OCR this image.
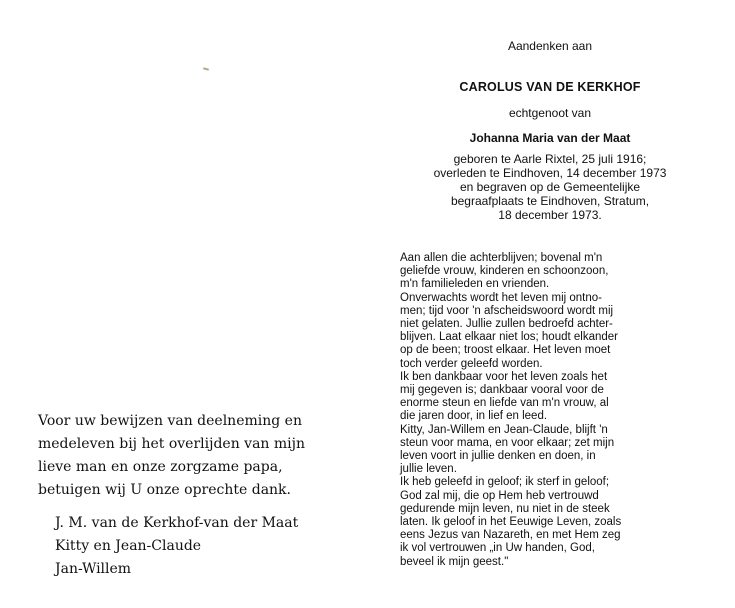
Voor uw bewijzen van deelneming en
medeleven bij het overlijden van mijn
lieve man en onze zorgzame papa,
betuigen wij U onze oprechte dank.
J. M. van de Kerkhof-van der Maat
Kitty en Jean-Claude
Jan-Willem
Aandenken aan
CAROLUS VAN DE KERKHOF
echtgenoot van
Johanna Maria van der Maat
geboren te Aarle Rixtel, 25 juli 1916;
overleden te Eindhoven, 14 december 1973
en begraven op de Gemeentelijke
begraafplaats te Eindhoven, Stratum,
18 december 1973.
Aan allen die achterblijven; bovenal m'n
geliefde vrouw, kinderen en schoonzoon,
m'n familieleden en vrienden.
Onverwachts wordt het leven mij ontno-
men; tijd voor 'n afscheidswoord wordt mij
niet gelaten. Jullie zullen bedroefd achter-
blijven. Laat elkaar niet los; houdt elkander
op de been; troost elkaar. Het leven moet
toch verder geleefd worden.
Ik ben dankbaar voor het leven zoals het
mij gegeven is; dankbaar vooral voor de
enorme steun en liefde van m'n vrouw, al
die jaren door, in lief en leed.
Kitty, Jan-Willem en Jean-Claude, blijft 'n
steun voor mama, en voor elkaar; zet mijn
leven voort in jullie denken en doen, in
jullie leven.
Ik heb geleefd in geloof; ik sterf in geloof;
God zal mij, die op Hem heb vertrouwd
gedurende mijn leven, nu niet in de steek
laten. Ik geloof in het Eeuwige Leven, zoals
eens Jezus van Nazareth, en met Hem zeg
ik vol vertrouwen „in Uw handen, God,
beveel ik mijn geest."
